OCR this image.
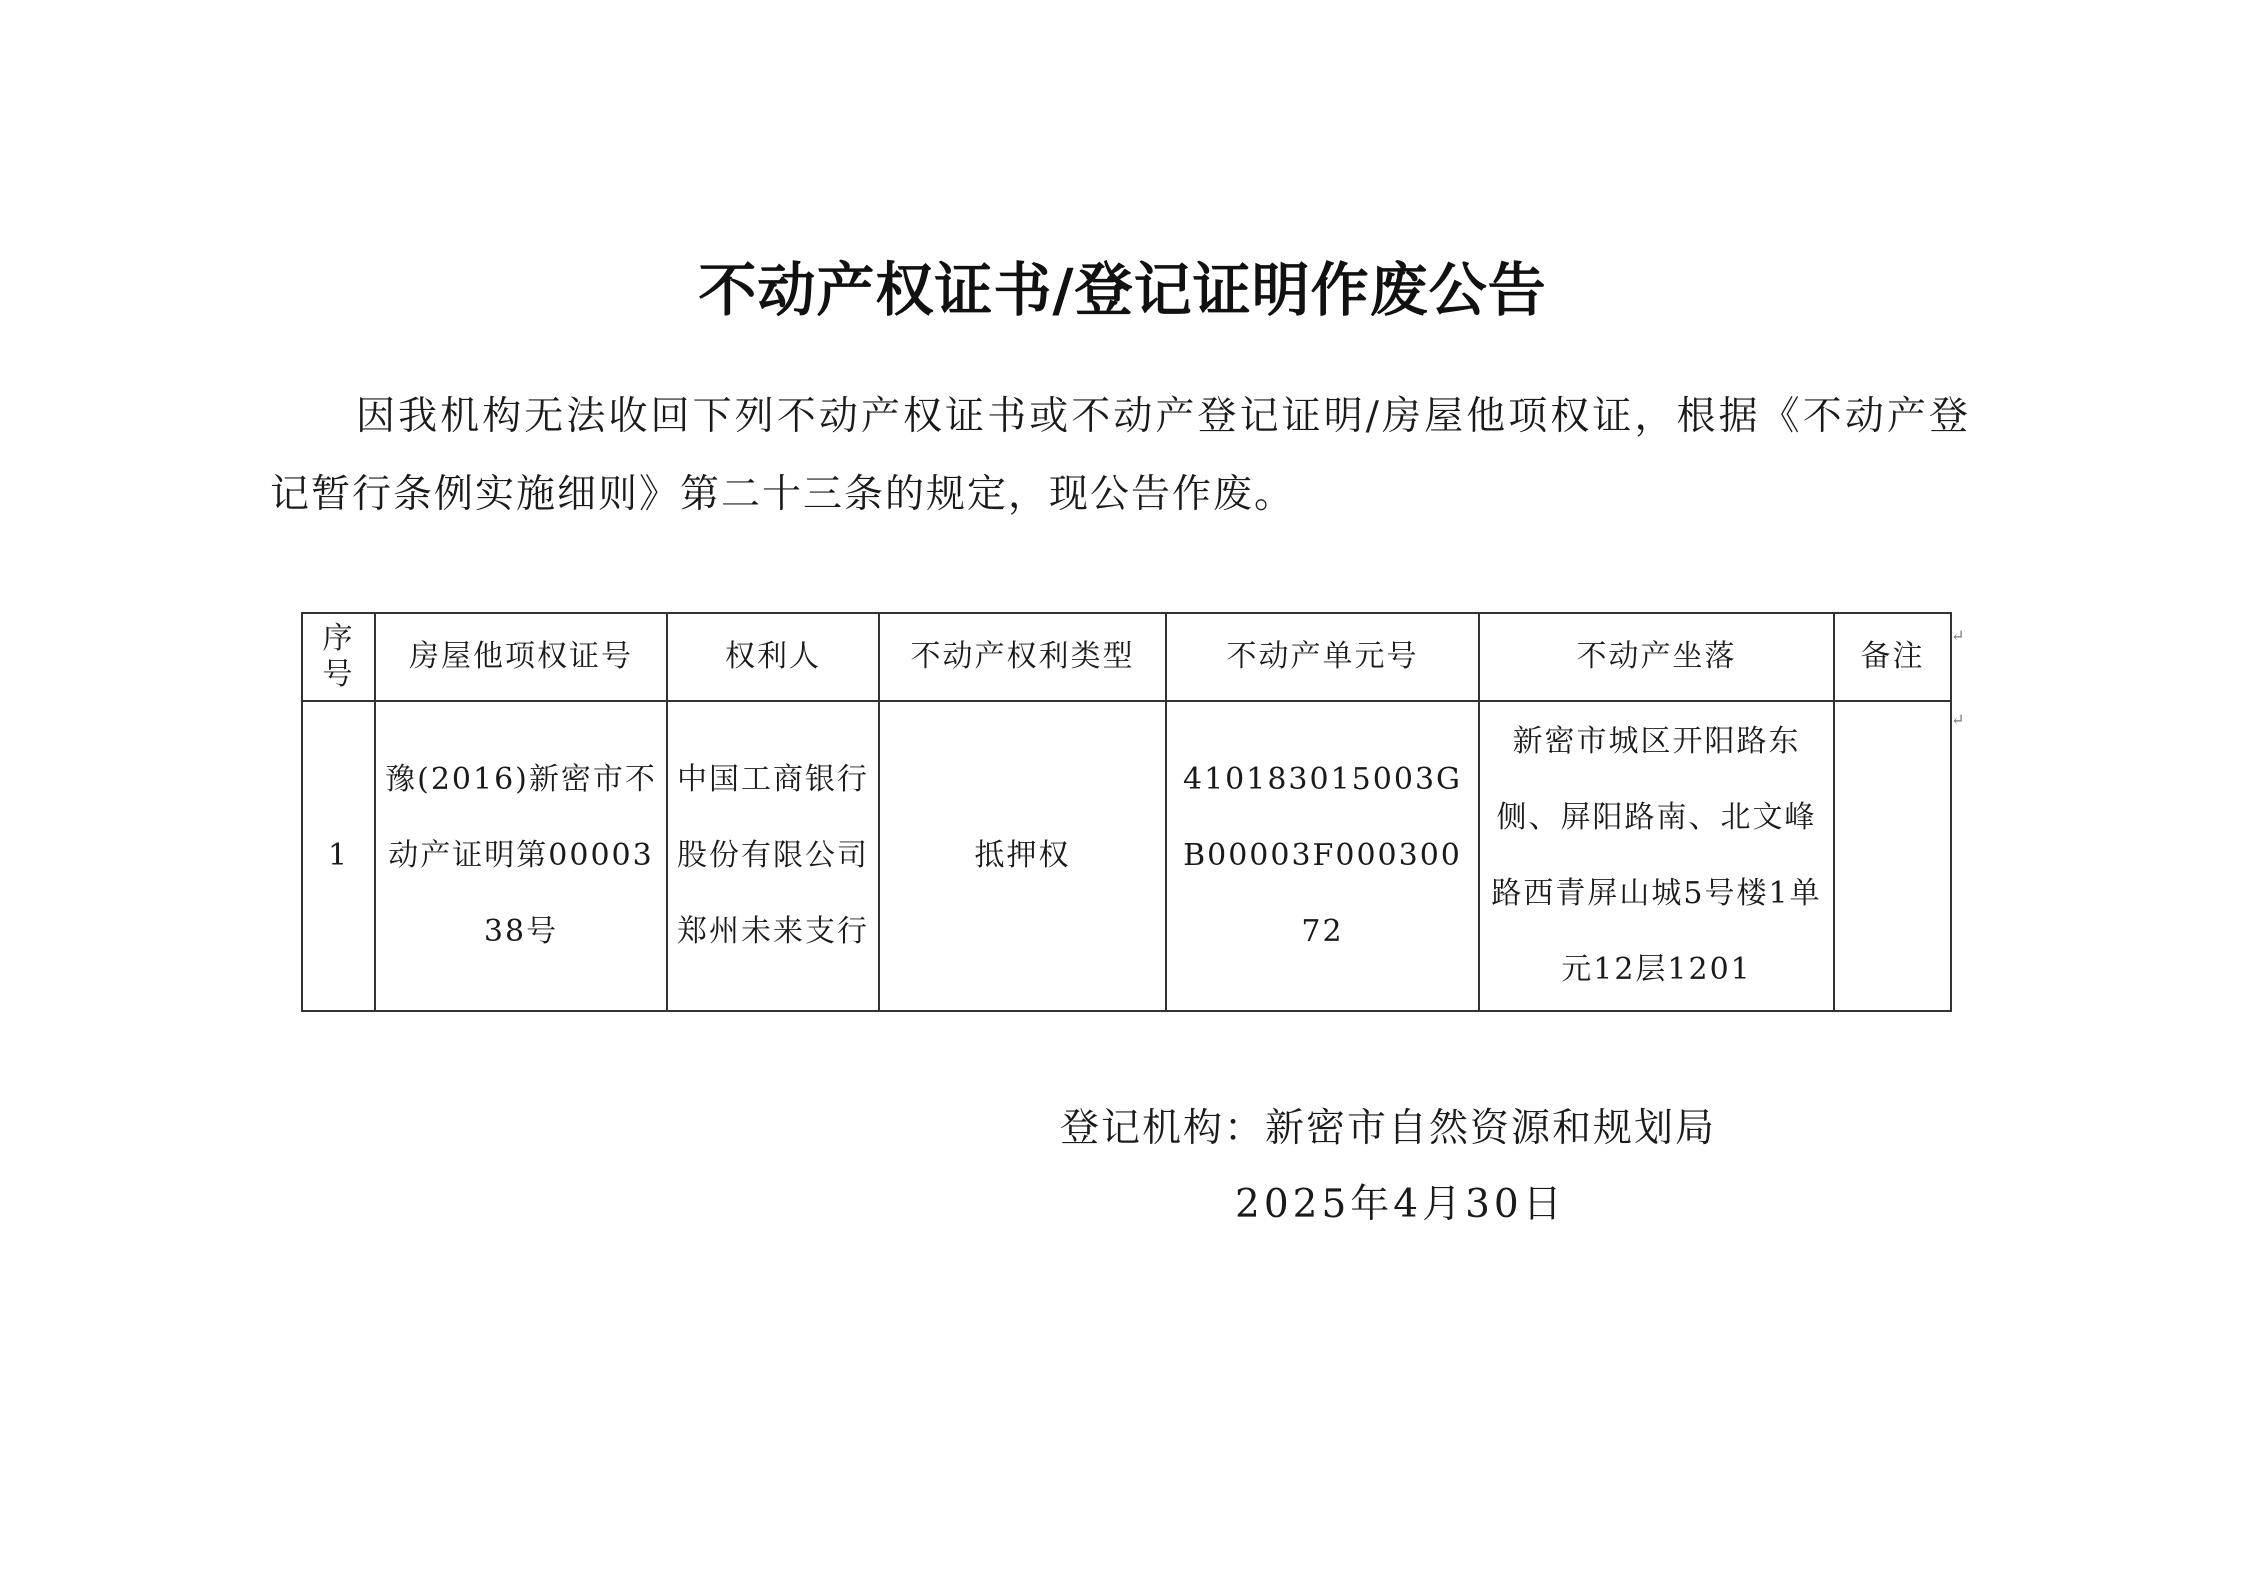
不动产权证书/登记证明作废公告

因我机构无法收回下列不动产权证书或不动产登记证明/房屋他项权证，根据《不动产登记暂行条例实施细则》第二十三条的规定，现公告作废。

序号	房屋他项权证号	权利人	不动产权利类型	不动产单元号	不动产坐落	备注
1	豫(2016)新密市不动产证明第0000338号	中国工商银行股份有限公司郑州未来支行	抵押权	410183015003GB00003F00030072	新密市城区开阳路东侧、屏阳路南、北文峰路西青屏山城5号楼1单元12层1201	

↵
↵
登记机构：新密市自然资源和规划局
2025年4月30日
